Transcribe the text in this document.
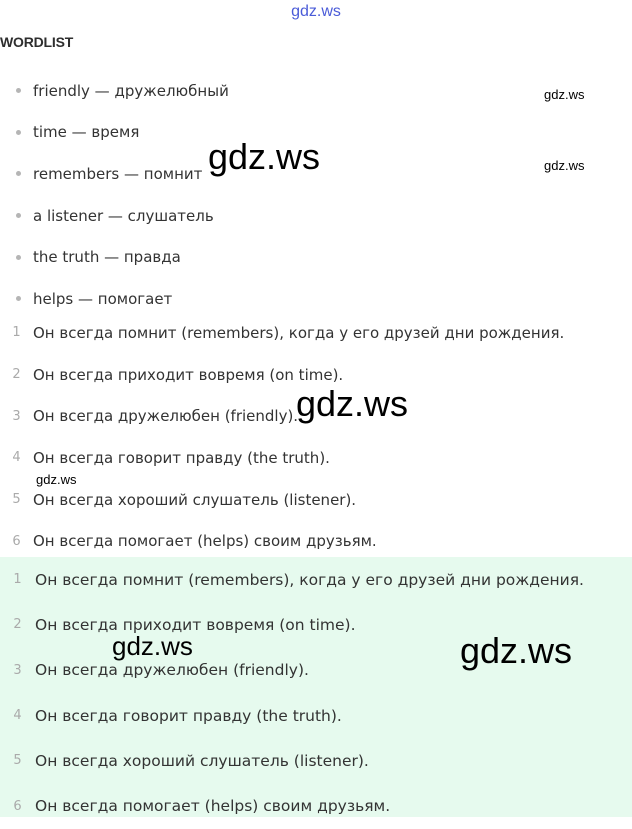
gdz.ws
WORDLIST
friendly — дружелюбный
time — время
remembers — помнит
a listener — слушатель
the truth — правда
helps — помогает
1 Он всегда помнит (remembers), когда у его друзей дни рождения.
2 Он всегда приходит вовремя (on time).
3 Он всегда дружелюбен (friendly).
4 Он всегда говорит правду (the truth).
5 Он всегда хороший слушатель (listener).
6 Он всегда помогает (helps) своим друзьям.
1 Он всегда помнит (remembers), когда у его друзей дни рождения.
2 Он всегда приходит вовремя (on time).
3 Он всегда дружелюбен (friendly).
4 Он всегда говорит правду (the truth).
5 Он всегда хороший слушатель (listener).
6 Он всегда помогает (helps) своим друзьям.
gdz.ws
gdz.ws
gdz.ws
gdz.ws
gdz.ws
gdz.ws	gdz.ws
